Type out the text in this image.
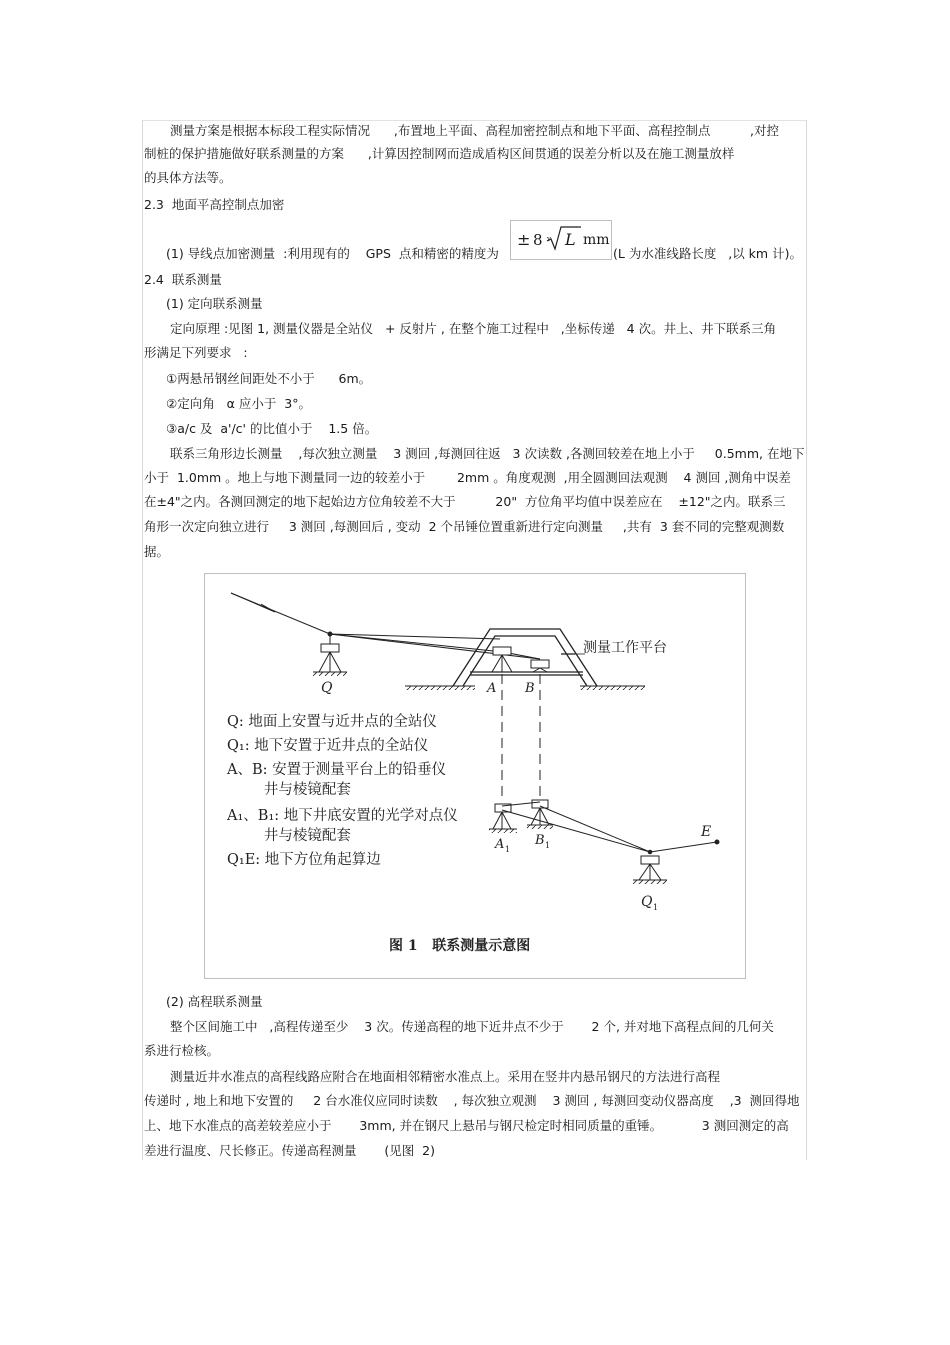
测量方案是根据本标段工程实际情况      ,布置地上平面、高程加密控制点和地下平面、高程控制点          ,对控
制桩的保护措施做好联系测量的方案      ,计算因控制网而造成盾构区间贯通的误差分析以及在施工测量放样
的具体方法等。
2.3  地面平高控制点加密
(1) 导线点加密测量  :利用现有的    GPS  点和精密的精度为
± 8 v L mm
(L 为水准线路长度   ,以 km 计)。
2.4  联系测量
(1) 定向联系测量
定向原理 :见图 1, 测量仪器是全站仪   + 反射片 , 在整个施工过程中   ,坐标传递   4 次。井上、井下联系三角
形满足下列要求   :
①两悬吊钢丝间距处不小于      6m。
②定向角   α 应小于  3°。
③a/c 及  a'/c' 的比值小于    1.5 倍。
联系三角形边长测量    ,每次独立测量    3 测回 ,每测回往返   3 次读数 ,各测回较差在地上小于     0.5mm, 在地下
小于  1.0mm 。地上与地下测量同一边的较差小于        2mm 。角度观测  ,用全圆测回法观测    4 测回 ,测角中误差
在±4"之内。各测回测定的地下起始边方位角较差不大于          20"  方位角平均值中误差应在    ±12"之内。联系三
角形一次定向独立进行     3 测回 ,每测回后 , 变动  2 个吊锤位置重新进行定向测量     ,共有  3 套不同的完整观测数
据。
测量工作平台
Q	A B
A 1
B 1
E
Q 1
Q: 地面上安置与近井点的全站仪
Q₁: 地下安置于近井点的全站仪
A、B: 安置于测量平台上的铅垂仪
井与棱镜配套
A₁、B₁: 地下井底安置的光学对点仪
井与棱镜配套
Q₁E: 地下方位角起算边
图 1   联系测量示意图
(2) 高程联系测量
整个区间施工中   ,高程传递至少    3 次。传递高程的地下近井点不少于       2 个, 并对地下高程点间的几何关
系进行检核。
测量近井水准点的高程线路应附合在地面相邻精密水准点上。采用在竖井内悬吊钢尺的方法进行高程
传递时 , 地上和地下安置的     2 台水准仪应同时读数    , 每次独立观测    3 测回 , 每测回变动仪器高度    ,3  测回得地
上、地下水准点的高差较差应小于       3mm, 并在钢尺上悬吊与钢尺检定时相同质量的重锤。          3 测回测定的高
差进行温度、尺长修正。传递高程测量       (见图  2)
